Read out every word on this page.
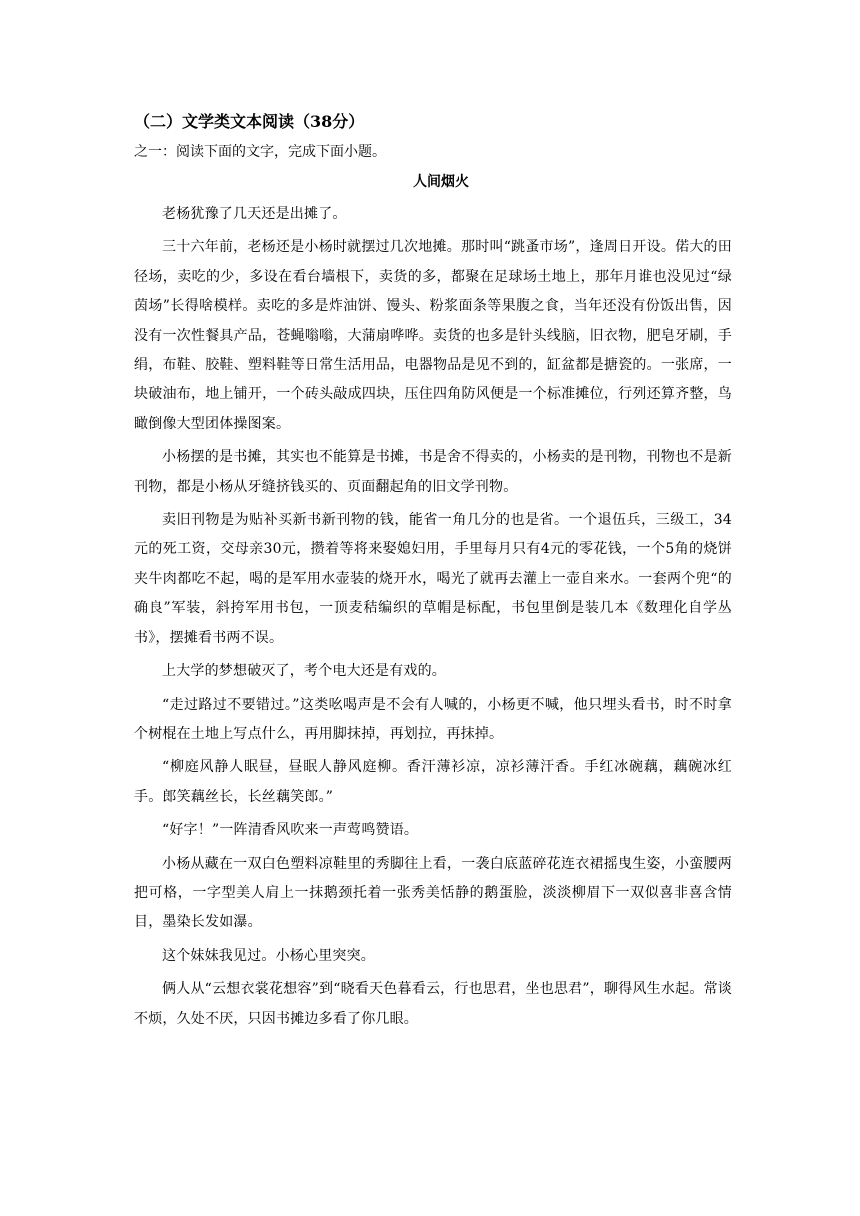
（二）文学类文本阅读（38分）

之一：阅读下面的文字，完成下面小题。

人间烟火

老杨犹豫了几天还是出摊了。

三十六年前，老杨还是小杨时就摆过几次地摊。那时叫“跳蚤市场”，逢周日开设。偌大的田径场，卖吃的少，多设在看台墙根下，卖货的多，都聚在足球场土地上，那年月谁也没见过“绿茵场”长得啥模样。卖吃的多是炸油饼、馒头、粉浆面条等果腹之食，当年还没有份饭出售，因没有一次性餐具产品，苍蝇嗡嗡，大蒲扇哗哗。卖货的也多是针头线脑，旧衣物，肥皂牙刷，手绢，布鞋、胶鞋、塑料鞋等日常生活用品，电器物品是见不到的，缸盆都是搪瓷的。一张席，一块破油布，地上铺开，一个砖头敲成四块，压住四角防风便是一个标准摊位，行列还算齐整，鸟瞰倒像大型团体操图案。

小杨摆的是书摊，其实也不能算是书摊，书是舍不得卖的，小杨卖的是刊物，刊物也不是新刊物，都是小杨从牙缝挤钱买的、页面翻起角的旧文学刊物。

卖旧刊物是为贴补买新书新刊物的钱，能省一角几分的也是省。一个退伍兵，三级工，34元的死工资，交母亲30元，攒着等将来娶媳妇用，手里每月只有4元的零花钱，一个5角的烧饼夹牛肉都吃不起，喝的是军用水壶装的烧开水，喝光了就再去灌上一壶自来水。一套两个兜“的确良”军装，斜挎军用书包，一顶麦秸编织的草帽是标配，书包里倒是装几本《数理化自学丛书》，摆摊看书两不误。

上大学的梦想破灭了，考个电大还是有戏的。

“走过路过不要错过。”这类吆喝声是不会有人喊的，小杨更不喊，他只埋头看书，时不时拿个树棍在土地上写点什么，再用脚抹掉，再划拉，再抹掉。

“柳庭风静人眠昼，昼眠人静风庭柳。香汗薄衫凉，凉衫薄汗香。手红冰碗藕，藕碗冰红手。郎笑藕丝长，长丝藕笑郎。”

“好字！”一阵清香风吹来一声莺鸣赞语。

小杨从藏在一双白色塑料凉鞋里的秀脚往上看，一袭白底蓝碎花连衣裙摇曳生姿，小蛮腰两把可格，一字型美人肩上一抹鹅颈托着一张秀美恬静的鹅蛋脸，淡淡柳眉下一双似喜非喜含情目，墨染长发如瀑。

这个妹妹我见过。小杨心里突突。

俩人从“云想衣裳花想容”到“晓看天色暮看云，行也思君，坐也思君”，聊得风生水起。常谈不烦，久处不厌，只因书摊边多看了你几眼。
